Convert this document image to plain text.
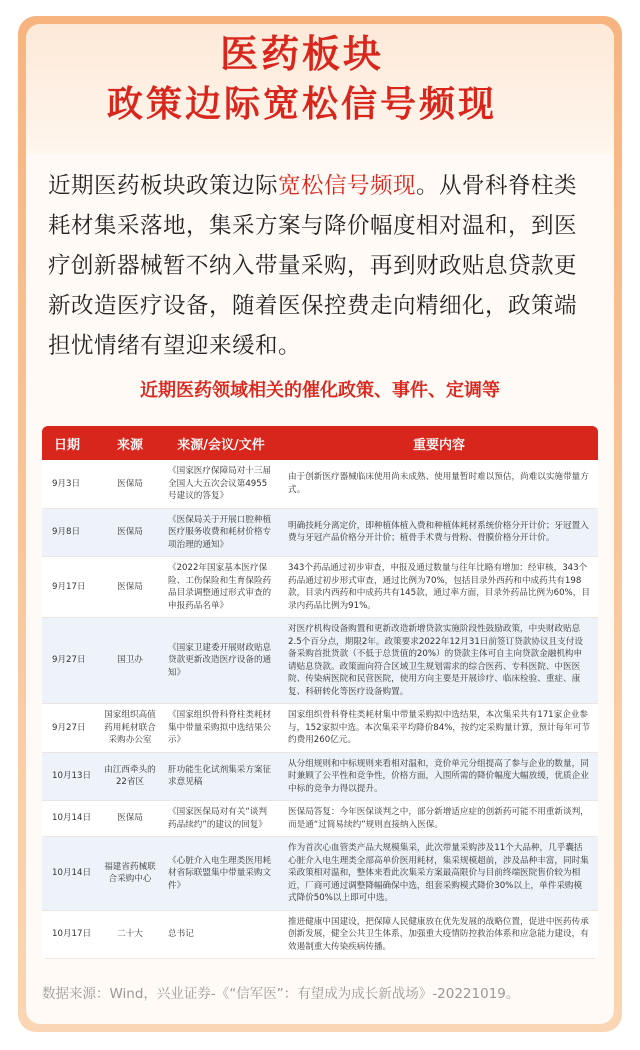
医药板块
政策边际宽松信号频现
近期医药板块政策边际宽松信号频现。从骨科脊柱类耗材集采落地，集采方案与降价幅度相对温和，到医疗创新器械暂不纳入带量采购，再到财政贴息贷款更新改造医疗设备，随着医保控费走向精细化，政策端担忧情绪有望迎来缓和。
近期医药领域相关的催化政策、事件、定调等
日期	来源	来源/会议/文件	重要内容
9月3日	医保局	《国家医疗保障局对十三届全国人大五次会议第4955号建议的答复》	由于创新医疗器械临床使用尚未成熟、使用量暂时难以预估，尚难以实施带量方式。
9月8日	医保局	《医保局关于开展口腔种植医疗服务收费和耗材价格专项治理的通知》	明确技耗分离定价，即种植体植入费和种植体耗材系统价格分开计价；牙冠置入费与牙冠产品价格分开计价；植骨手术费与骨粉、骨膜价格分开计价。
9月17日	医保局	《2022年国家基本医疗保险、工伤保险和生育保险药品目录调整通过形式审查的申报药品名单》	343个药品通过初步审查，申报及通过数量与往年比略有增加：经审核，343个药品通过初步形式审查，通过比例为70%，包括目录外西药和中成药共有198款，目录内西药和中成药共有145款，通过率方面，目录外药品比例为60%，目录内药品比例为91%。
9月27日	国卫办	《国家卫建委开展财政贴息贷款更新改造医疗设备的通知》	对医疗机构设备购置和更新改造新增贷款实施阶段性鼓励政策，中央财政贴息2.5个百分点，期限2年。政策要求2022年12月31日前签订贷款协议且支付设备采购首批货款（不低于总货值的20%）的贷款主体可自主向贷款金融机构申请贴息贷款。政策面向符合区域卫生规划需求的综合医药、专科医院、中医医院、传染病医院和民营医院，使用方向主要是开展诊疗、临床检验、重症、康复、科研转化等医疗设备购置。
9月27日	国家组织高值药用耗材联合采购办公室	《国家组织骨科脊柱类耗材集中带量采购拟中选结果公示》	国家组织骨科脊柱类耗材集中带量采购拟中选结果，本次集采共有171家企业参与，152家拟中选。本次集采平均降价84%，按约定采购量计算，预计每年可节约费用260亿元。
10月13日	由江西牵头的22省区	肝功能生化试剂集采方案征求意见稿	从分组规则和中标规则来看相对温和，竞价单元分组提高了参与企业的数量，同时兼顾了公平性和竞争性，价格方面，入围所需的降价幅度大幅放缓，优质企业中标的竞争力得以提升。
10月14日	医保局	《国家医保局对有关“谈判药品续约”的建议的回复》	医保局答复：今年医保谈判之中，部分新增适应症的创新药可能不用重新谈判，而是通“过简易续约”规则直接纳入医保。
10月14日	福建省药械联合采购中心	《心脏介入电生理类医用耗材省际联盟集中带量采购文件》	作为首次心血管类产品大规模集采，此次带量采购涉及11个大品种，几乎囊括心脏介入电生理类全部高单价医用耗材，集采规模超前，涉及品种丰富，同时集采政策相对温和，整体来看此次集采方案最高限价与目前终端医院售价较为相近，厂商可通过调整降幅确保中选，组套采购模式降价30%以上，单件采购模式降价50%以上即可中选。
10月17日	二十大	总书记	推进健康中国建设，把保障人民健康放在优先发展的战略位置，促进中医药传承创新发展，健全公共卫生体系，加强重大疫情防控救治体系和应急能力建设，有效遏制重大传染疾病传播。
数据来源：Wind，兴业证券-《“信军医”：有望成为成长新战场》-20221019。
